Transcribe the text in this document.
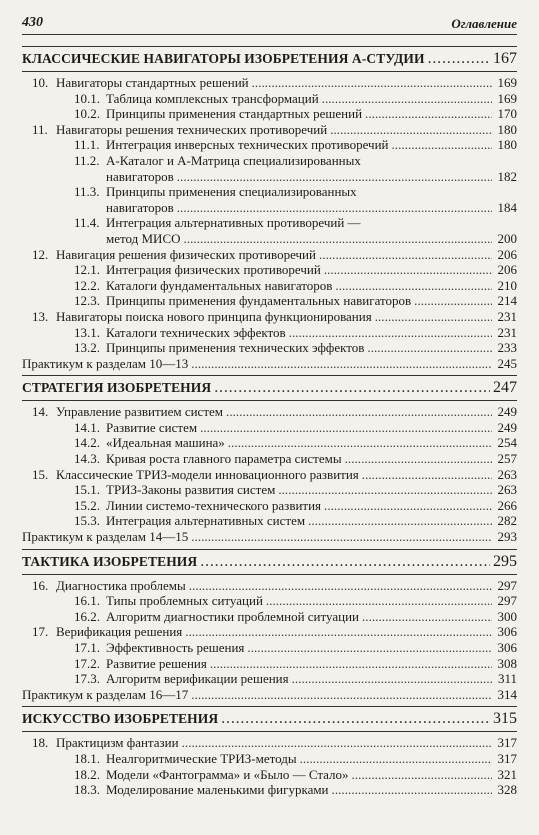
430	Оглавление
КЛАССИЧЕСКИЕ НАВИГАТОРЫ ИЗОБРЕТЕНИЯ А-СТУДИИ . . .	167
10. Навигаторы стандартных решений . . .	169
10.1. Таблица комплексных трансформаций . . .	169
10.2. Принципы применения стандартных решений . . .	170
11. Навигаторы решения технических противоречий . . .	180
11.1. Интеграция инверсных технических противоречий . . .	180
11.2. А-Каталог и А-Матрица специализированных
навигаторов . . .	182
11.3. Принципы применения специализированных
навигаторов . . .	184
11.4. Интеграция альтернативных противоречий —
метод МИСО . . .	200
12. Навигация решения физических противоречий . . .	206
12.1. Интеграция физических противоречий . . .	206
12.2. Каталоги фундаментальных навигаторов . . .	210
12.3. Принципы применения фундаментальных навигаторов . . .	214
13. Навигаторы поиска нового принципа функционирования . . .	231
13.1. Каталоги технических эффектов . . .	231
13.2. Принципы применения технических эффектов . . .	233
Практикум к разделам 10—13 . . .	245
СТРАТЕГИЯ ИЗОБРЕТЕНИЯ . . .	247
14. Управление развитием систем . . .	249
14.1. Развитие систем . . .	249
14.2. «Идеальная машина» . . .	254
14.3. Кривая роста главного параметра системы . . .	257
15. Классические ТРИЗ-модели инновационного развития . . .	263
15.1. ТРИЗ-Законы развития систем . . .	263
15.2. Линии системо-технического развития . . .	266
15.3. Интеграция альтернативных систем . . .	282
Практикум к разделам 14—15 . . .	293
ТАКТИКА ИЗОБРЕТЕНИЯ . . .	295
16. Диагностика проблемы . . .	297
16.1. Типы проблемных ситуаций . . .	297
16.2. Алгоритм диагностики проблемной ситуации . . .	300
17. Верификация решения . . .	306
17.1. Эффективность решения . . .	306
17.2. Развитие решения . . .	308
17.3. Алгоритм верификации решения . . .	311
Практикум к разделам 16—17 . . .	314
ИСКУССТВО ИЗОБРЕТЕНИЯ . . .	315
18. Практицизм фантазии . . .	317
18.1. Неалгоритмические ТРИЗ-методы . . .	317
18.2. Модели «Фантограмма» и «Было — Стало» . . .	321
18.3. Моделирование маленькими фигурками . . .	328
